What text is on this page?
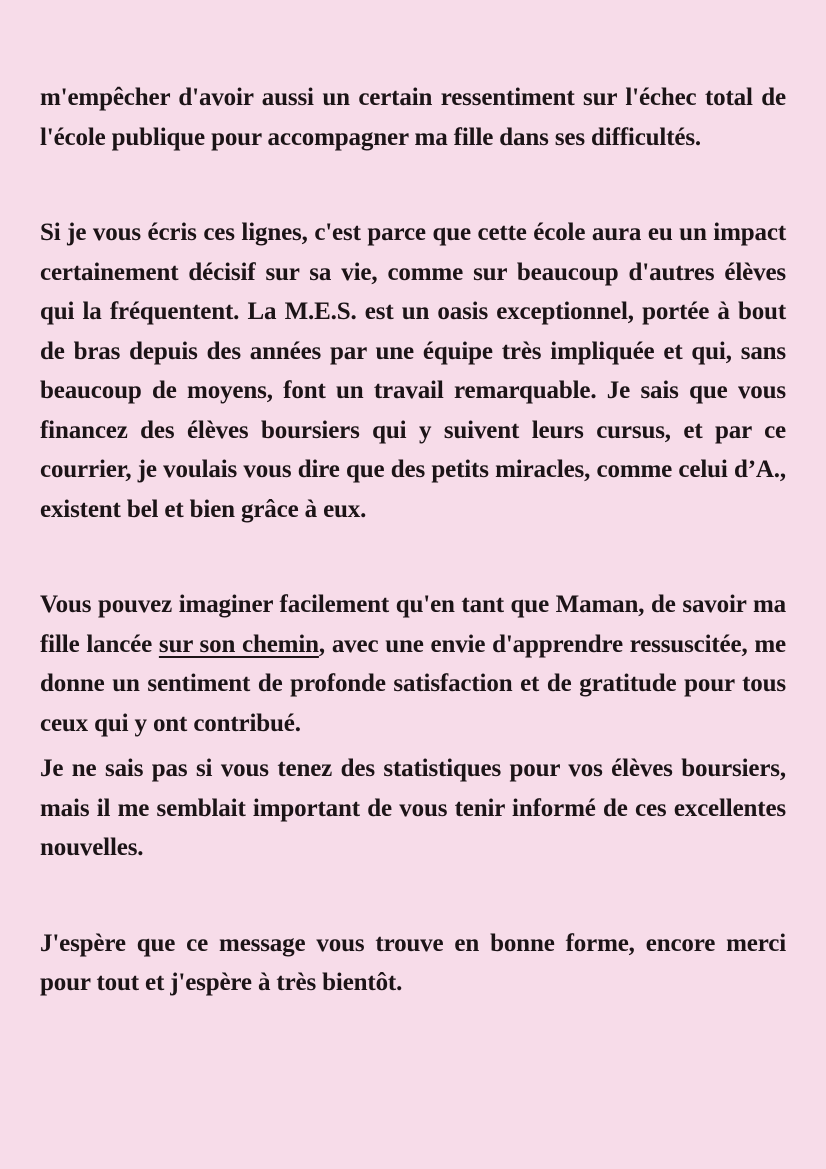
m'empêcher d'avoir aussi un certain ressentiment sur l'échec total de l'école publique pour accompagner ma fille dans ses difficultés.

Si je vous écris ces lignes, c'est parce que cette école aura eu un impact certainement décisif sur sa vie, comme sur beaucoup d'autres élèves qui la fréquentent. La M.E.S. est un oasis exceptionnel, portée à bout de bras depuis des années par une équipe très impliquée et qui, sans beaucoup de moyens, font un travail remarquable. Je sais que vous financez des élèves boursiers qui y suivent leurs cursus, et par ce courrier, je voulais vous dire que des petits miracles, comme celui d’A., existent bel et bien grâce à eux.

Vous pouvez imaginer facilement qu'en tant que Maman, de savoir ma fille lancée sur son chemin, avec une envie d'apprendre ressuscitée, me donne un sentiment de profonde satisfaction et de gratitude pour tous ceux qui y ont contribué.

Je ne sais pas si vous tenez des statistiques pour vos élèves boursiers, mais il me semblait important de vous tenir informé de ces excellentes nouvelles.

J'espère que ce message vous trouve en bonne forme, encore merci pour tout et j'espère à très bientôt.
